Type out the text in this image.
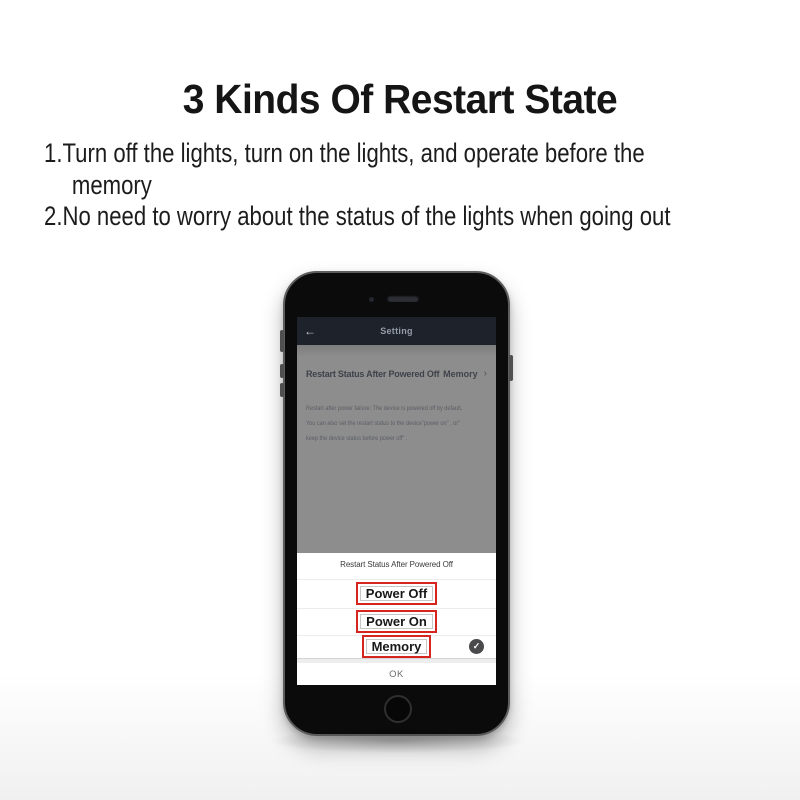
3 Kinds Of Restart State
1.Turn off the lights, turn on the lights, and operate before the
memory
2.No need to worry about the status of the lights when going out
←	Setting
Restart Status After Powered Off Memory ›
Restart after power failure: The device is powered off by default.
You can also set the restart status to the device"power on" , or"
keep the device status before power off" .
Restart Status After Powered Off
Power Off
Power On
Memory	✓
OK
